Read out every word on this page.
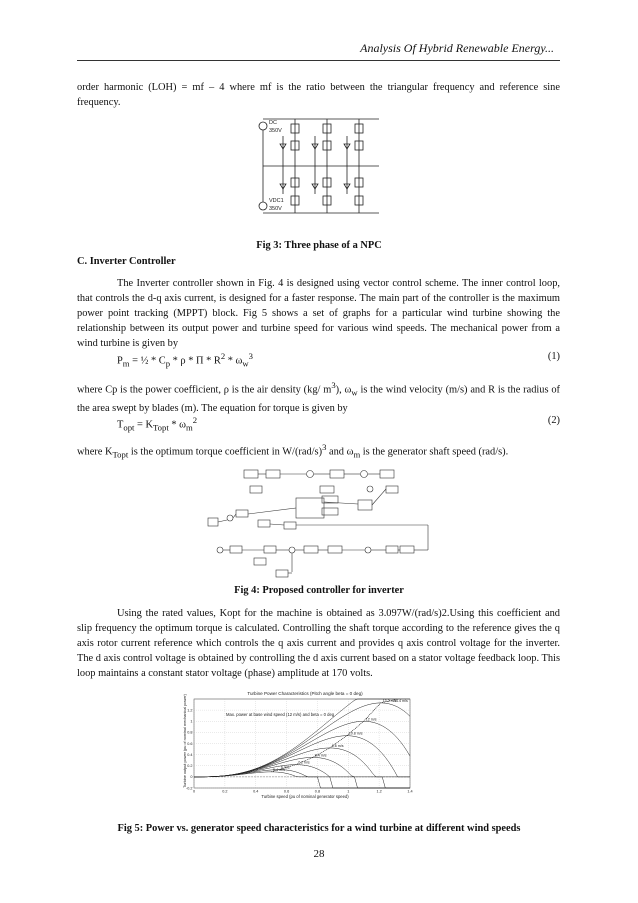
Analysis Of Hybrid Renewable Energy...
order harmonic (LOH) = mf – 4 where mf is the ratio between the triangular frequency and reference sine frequency.
DC
350V
VDC1
350V
Fig 3: Three phase of a NPC
C. Inverter Controller
The Inverter controller shown in Fig. 4 is designed using vector control scheme. The inner control loop, that controls the d-q axis current, is designed for a faster response. The main part of the controller is the maximum power point tracking (MPPT) block. Fig 5 shows a set of graphs for a particular wind turbine showing the relationship between its output power and turbine speed for various wind speeds. The mechanical power from a wind turbine is given by
$P_m$ = ½ * $C_p$ * ρ * Π * $R^2 * \omega_w^3$	(1)
where Cp is the power coefficient, ρ is the air density (kg/ $m^3$), $\omega_w$ is the wind velocity (m/s) and R is the radius of the area swept by blades (m). The equation for torque is given by
$T_{opt} = K_{Topt} * \omega_m^2$	(2)
where $K_{Topt}$ is the optimum torque coefficient in $W/(rad/s)^3$ and $\omega_m$ is the generator shaft speed (rad/s).
Fig 4: Proposed controller for inverter
Using the rated values, Kopt for the machine is obtained as 3.097W/(rad/s)2.Using this coefficient and slip frequency the optimum torque is calculated. Controlling the shaft torque according to the reference gives the q axis rotor current reference which controls the q axis current and provides q axis control voltage for the inverter. The d axis control voltage is obtained by controlling the d axis current based on a stator voltage feedback loop. This loop maintains a constant stator voltage (phase) amplitude at 170 volts.
Turbine Power Characteristics (Pitch angle beta = 0 deg)
Turbine speed (pu of nominal generator speed)
Turbine output power (pu of nominal mechanical power)
0	0.2	0.4	0.6	0.8	1	1.2	1.4
-0.2
0
0.2
0.4
0.6
0.8
1
1.2
5.4 m/s
6 m/s
7.2 m/s
8.4 m/s
9.6 m/s
10.8 m/s
12 m/s
13.2 m/s
14.4 m/s
Max. power at base wind speed (12 m/s) and beta = 0 deg
Fig 5: Power vs. generator speed characteristics for a wind turbine at different wind speeds
28
